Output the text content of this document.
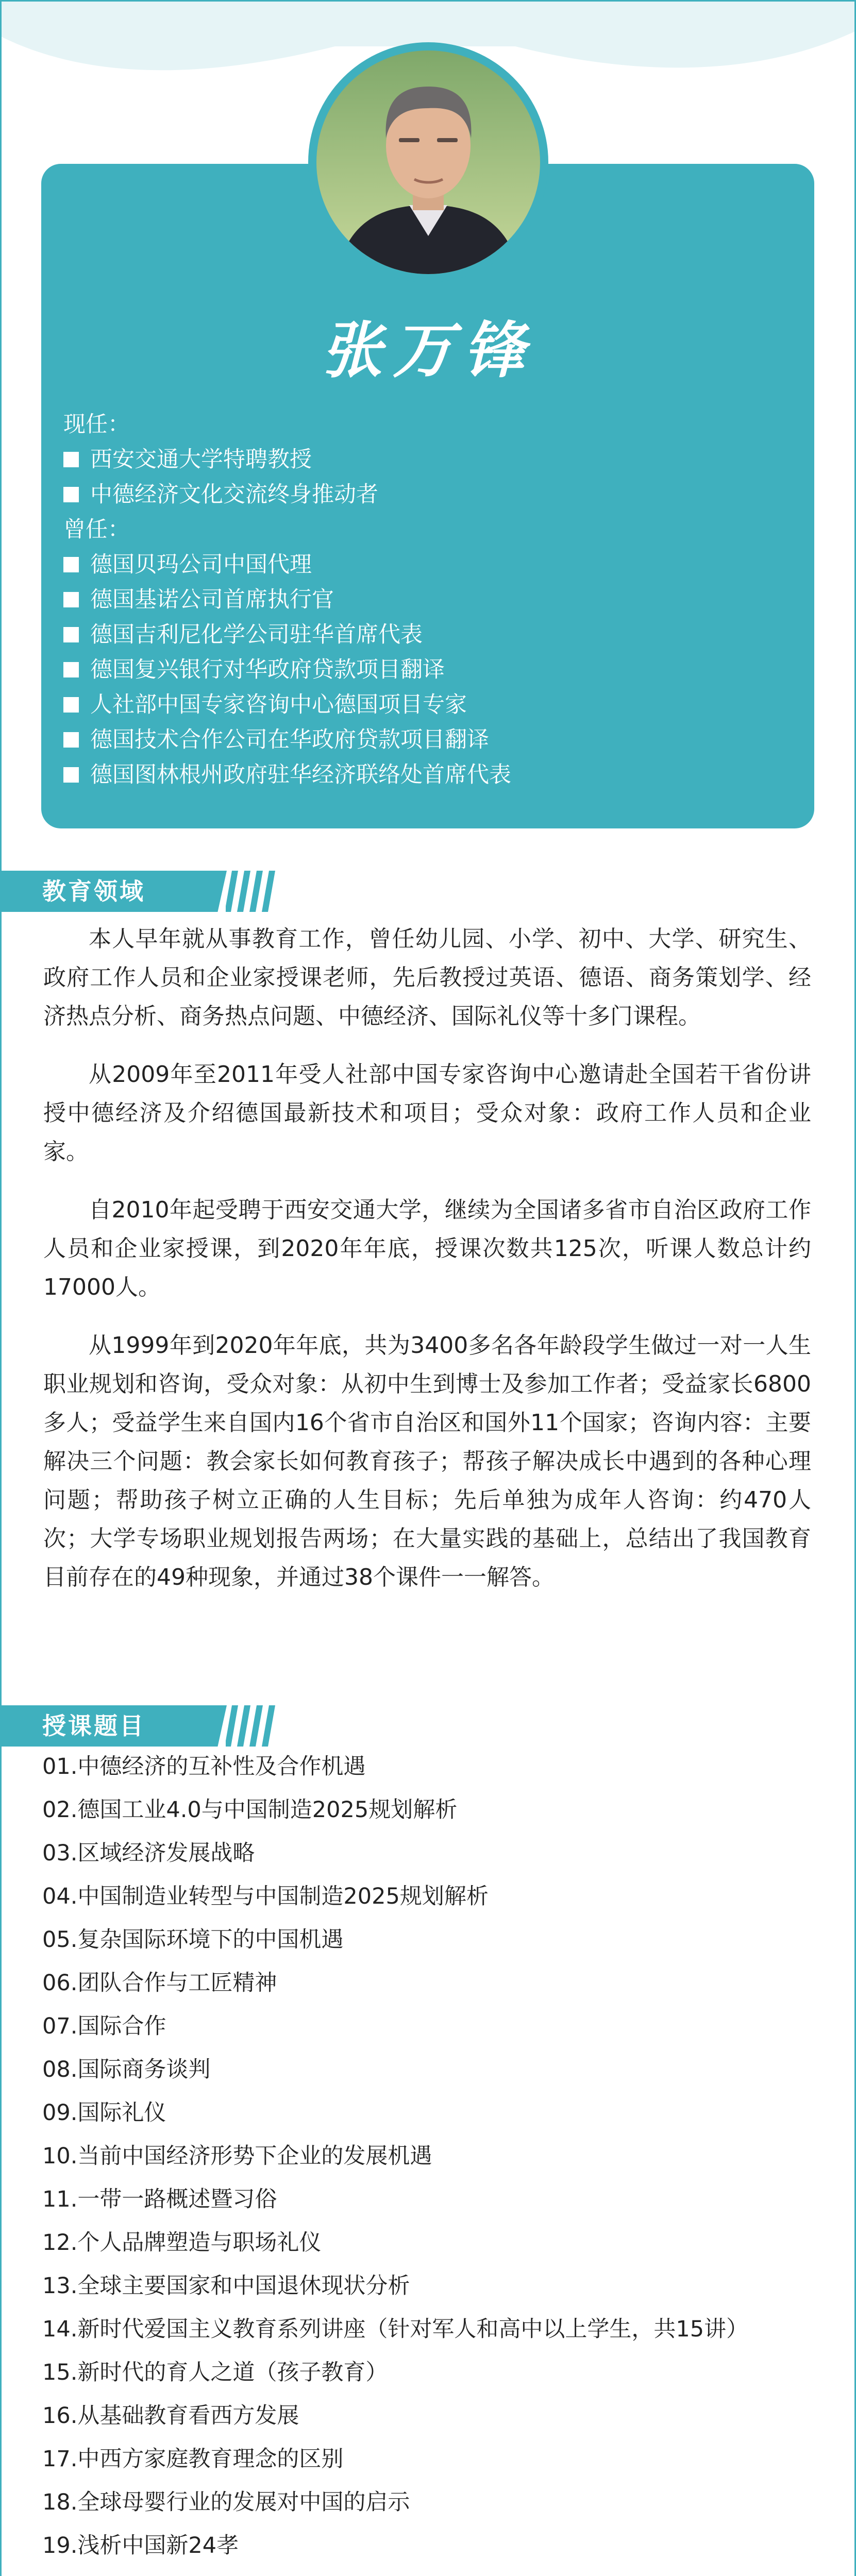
张万锋

现任：

西安交通大学特聘教授

中德经济文化交流终身推动者

曾任：

德国贝玛公司中国代理

德国基诺公司首席执行官

德国吉利尼化学公司驻华首席代表

德国复兴银行对华政府贷款项目翻译

人社部中国专家咨询中心德国项目专家

德国技术合作公司在华政府贷款项目翻译

德国图林根州政府驻华经济联络处首席代表

教育领域

本人早年就从事教育工作，曾任幼儿园、小学、初中、大学、研究生、政府工作人员和企业家授课老师，先后教授过英语、德语、商务策划学、经济热点分析、商务热点问题、中德经济、国际礼仪等十多门课程。

从2009年至2011年受人社部中国专家咨询中心邀请赴全国若干省份讲授中德经济及介绍德国最新技术和项目；受众对象：政府工作人员和企业家。

自2010年起受聘于西安交通大学，继续为全国诸多省市自治区政府工作人员和企业家授课，到2020年年底，授课次数共125次，听课人数总计约17000人。

从1999年到2020年年底，共为3400多名各年龄段学生做过一对一人生职业规划和咨询，受众对象：从初中生到博士及参加工作者；受益家长6800多人；受益学生来自国内16个省市自治区和国外11个国家；咨询内容：主要解决三个问题：教会家长如何教育孩子；帮孩子解决成长中遇到的各种心理问题；帮助孩子树立正确的人生目标；先后单独为成年人咨询：约470人次；大学专场职业规划报告两场；在大量实践的基础上，总结出了我国教育目前存在的49种现象，并通过38个课件一一解答。

授课题目
01.中德经济的互补性及合作机遇
02.德国工业4.0与中国制造2025规划解析
03.区域经济发展战略
04.中国制造业转型与中国制造2025规划解析
05.复杂国际环境下的中国机遇
06.团队合作与工匠精神
07.国际合作
08.国际商务谈判
09.国际礼仪
10.当前中国经济形势下企业的发展机遇
11.一带一路概述暨习俗
12.个人品牌塑造与职场礼仪
13.全球主要国家和中国退休现状分析
14.新时代爱国主义教育系列讲座（针对军人和高中以上学生，共15讲）
15.新时代的育人之道（孩子教育）
16.从基础教育看西方发展
17.中西方家庭教育理念的区别
18.全球母婴行业的发展对中国的启示
19.浅析中国新24孝
